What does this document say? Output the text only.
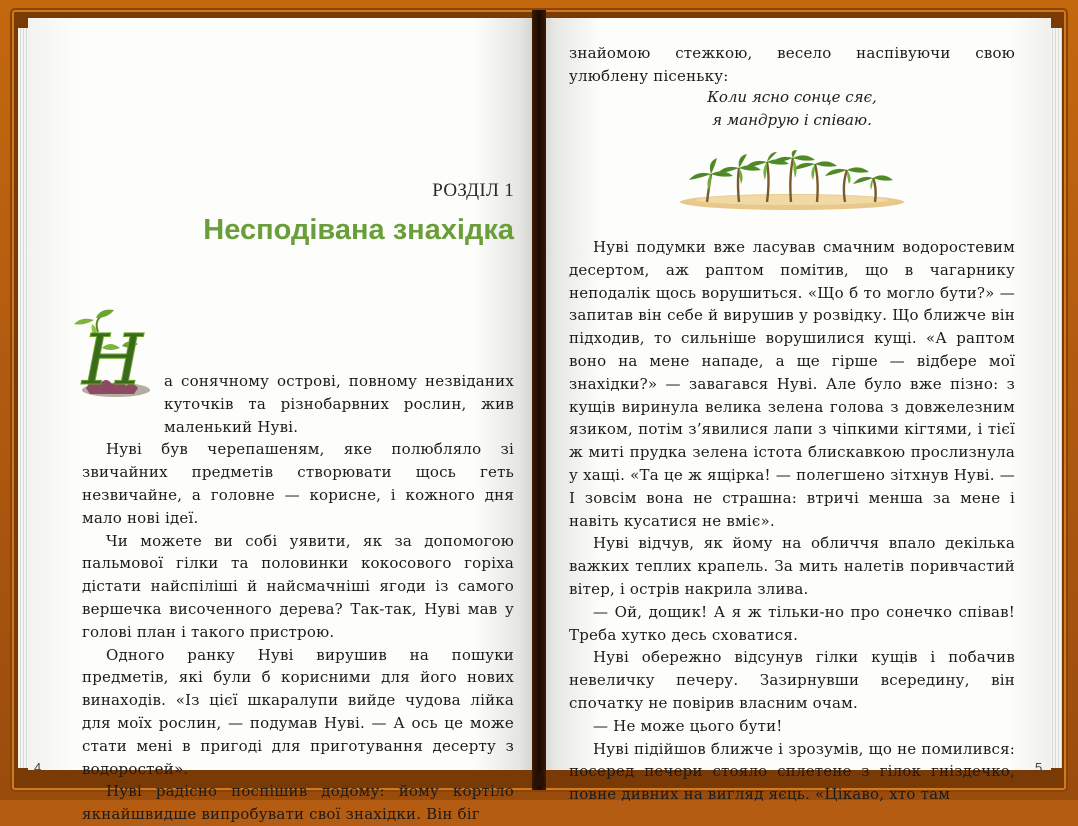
РОЗДІЛ 1
Несподівана знахідка
Н	а сонячному острові, повному незвіданих куточків та різнобарвних рослин, жив маленький Нуві.

Нуві був черепашеням, яке полюбляло зі звичайних предметів створювати щось геть незвичайне, а головне — корисне, і кожного дня мало нові ідеї.

Чи можете ви собі уявити, як за допомогою пальмової гілки та половинки кокосового горіха дістати найспіліші й найсмачніші ягоди із самого вершечка височенного дерева? Так-так, Нуві мав у голові план і такого пристрою.

Одного ранку Нуві вирушив на пошуки предметів, які були б корисними для його нових винаходів. «Із цієї шкаралупи вийде чудова лійка для моїх рослин, — подумав Нуві. — А ось це може стати мені в пригоді для приготування десерту з водоростей».

Нуві радісно поспішив додому: йому кортіло якнайшвидше випробувати свої знахідки. Він біг

4

знайомою стежкою, весело наспівуючи свою улюблену пісеньку:

Коли ясно сонце сяє,
я мандрую і співаю.

Нуві подумки вже ласував смачним водоростевим десертом, аж раптом помітив, що в чагарнику неподалік щось ворушиться. «Що б то могло бути?» — запитав він себе й вирушив у розвідку. Що ближче він підходив, то сильніше ворушилися кущі. «А раптом воно на мене нападе, а ще гірше — відбере мої знахідки?» — завагався Нуві. Але було вже пізно: з кущів виринула велика зелена голова з довжелезним язиком, потім з’явилися лапи з чіпкими кігтями, і тієї ж миті прудка зелена істота блискавкою прослизнула у хащі. «Та це ж ящірка! — полегшено зітхнув Нуві. — І зовсім вона не страшна: втричі менша за мене і навіть кусатися не вміє».

Нуві відчув, як йому на обличчя впало декілька важких теплих крапель. За мить налетів поривчастий вітер, і острів накрила злива.

— Ой, дощик! А я ж тільки-но про сонечко співав! Треба хутко десь сховатися.

Нуві обережно відсунув гілки кущів і побачив невеличку печеру. Зазирнувши всередину, він спочатку не повірив власним очам.

— Не може цього бути!

Нуві підійшов ближче і зрозумів, що не помилився: посеред печери стояло сплетене з гілок гніздечко, повне дивних на вигляд яєць. «Цікаво, хто там

5
